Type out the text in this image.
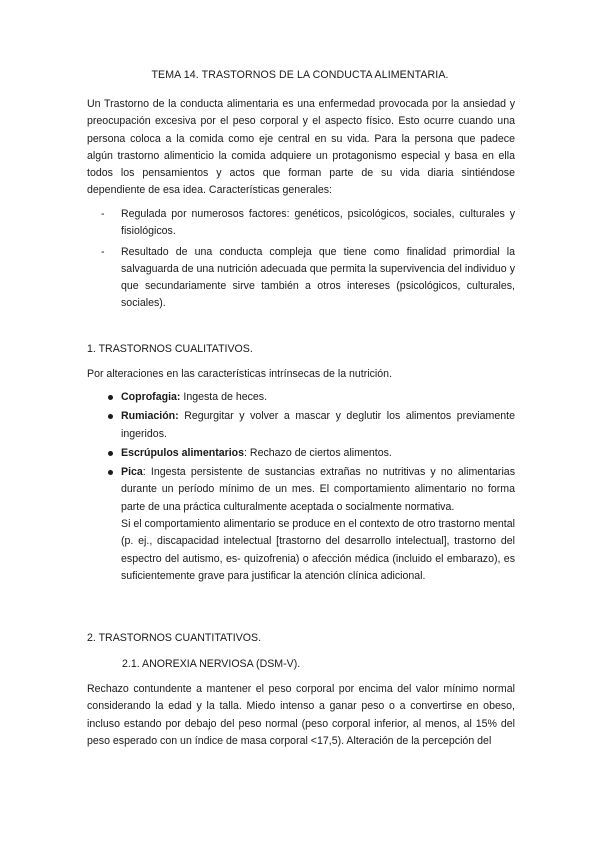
TEMA 14. TRASTORNOS DE LA CONDUCTA ALIMENTARIA.

Un Trastorno de la conducta alimentaria es una enfermedad provocada por la ansiedad y preocupación excesiva por el peso corporal y el aspecto físico. Esto ocurre cuando una persona coloca a la comida como eje central en su vida. Para la persona que padece algún trastorno alimenticio la comida adquiere un protagonismo especial y basa en ella todos los pensamientos y actos que forman parte de su vida diaria sintiéndose dependiente de esa idea. Características generales:

- Regulada por numerosos factores: genéticos, psicológicos, sociales, culturales y fisiológicos.
- Resultado de una conducta compleja que tiene como finalidad primordial la salvaguarda de una nutrición adecuada que permita la supervivencia del individuo y que secundariamente sirve también a otros intereses (psicológicos, culturales, sociales).
1. TRASTORNOS CUALITATIVOS.

Por alteraciones en las características intrínsecas de la nutrición.

Coprofagia: Ingesta de heces.
Rumiación: Regurgitar y volver a mascar y deglutir los alimentos previamente ingeridos.
Escrúpulos alimentarios: Rechazo de ciertos alimentos.
Pica: Ingesta persistente de sustancias extrañas no nutritivas y no alimentarias durante un período mínimo de un mes. El comportamiento alimentario no forma parte de una práctica culturalmente aceptada o socialmente normativa.
Si el comportamiento alimentario se produce en el contexto de otro trastorno mental (p. ej., discapacidad intelectual [trastorno del desarrollo intelectual], trastorno del espectro del autismo, es- quizofrenia) o afección médica (incluido el embarazo), es suficientemente grave para justificar la atención clínica adicional.
2. TRASTORNOS CUANTITATIVOS.
2.1. ANOREXIA NERVIOSA (DSM-V).

Rechazo contundente a mantener el peso corporal por encima del valor mínimo normal considerando la edad y la talla. Miedo intenso a ganar peso o a convertirse en obeso, incluso estando por debajo del peso normal (peso corporal inferior, al menos, al 15% del peso esperado con un índice de masa corporal <17,5). Alteración de la percepción del
